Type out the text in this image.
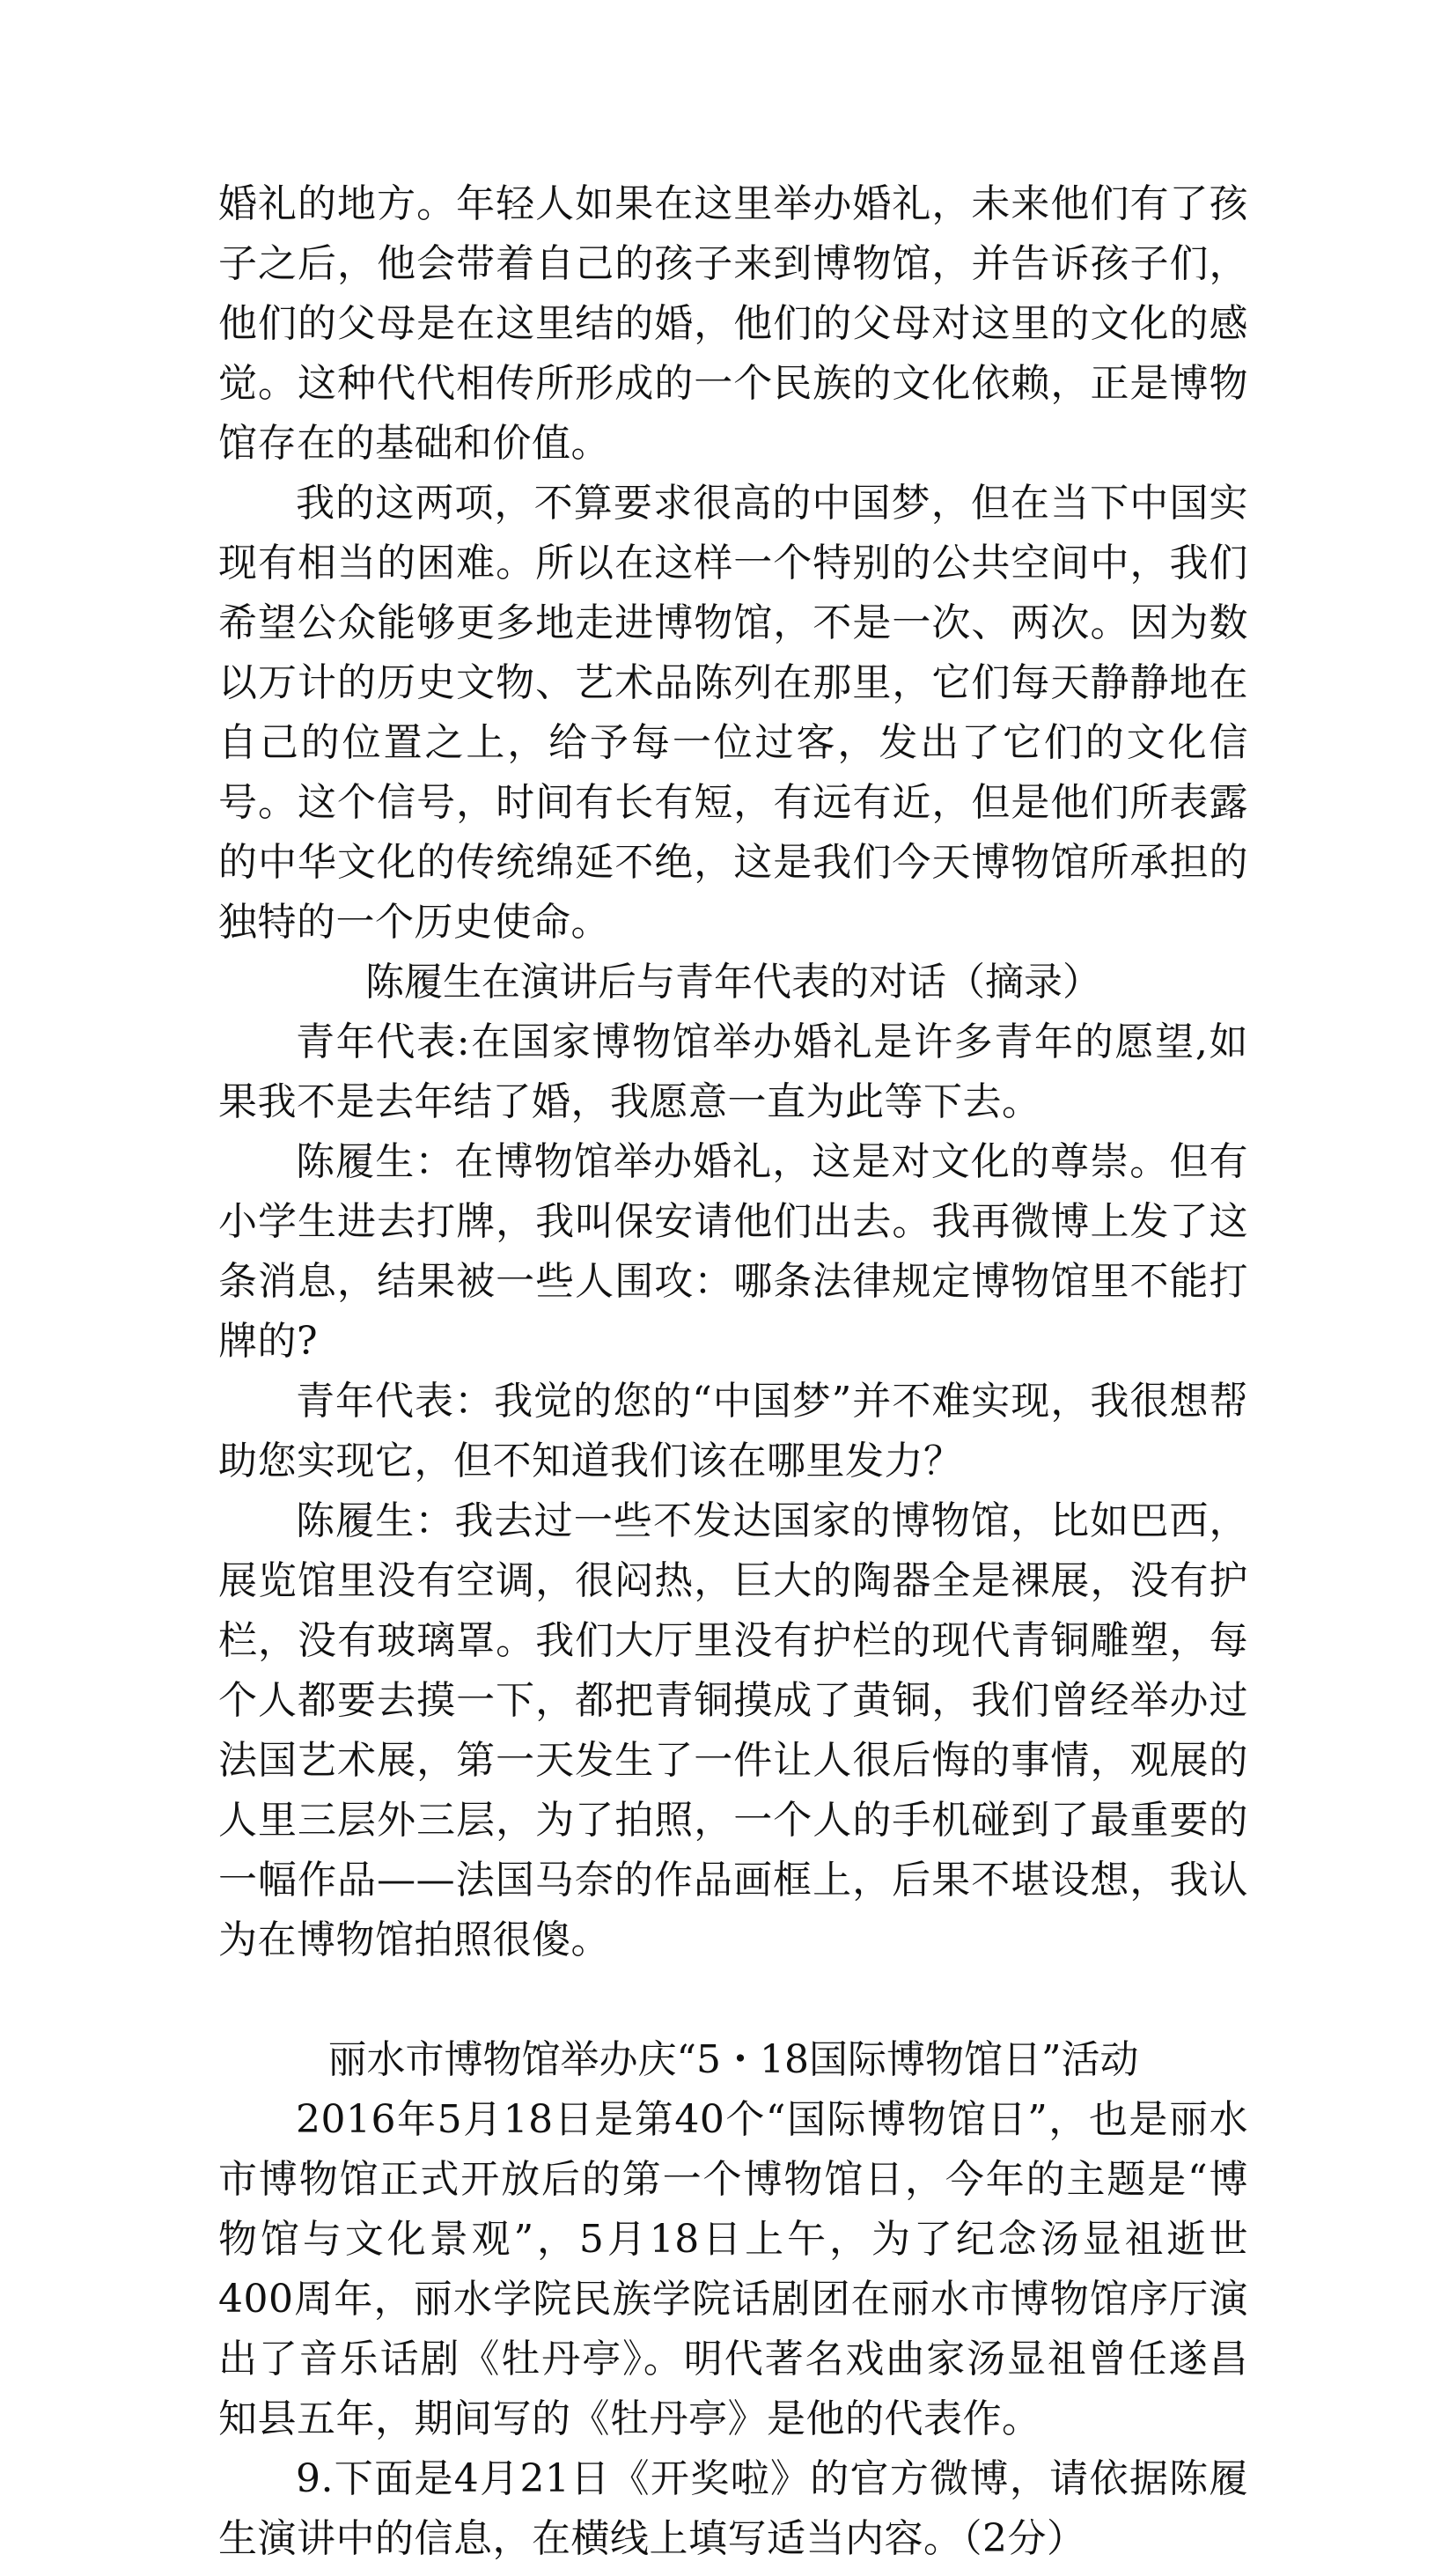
婚礼的地方。年轻人如果在这里举办婚礼，未来他们有了孩子之后，他会带着自己的孩子来到博物馆，并告诉孩子们，他们的父母是在这里结的婚，他们的父母对这里的文化的感觉。这种代代相传所形成的一个民族的文化依赖，正是博物馆存在的基础和价值。

我的这两项，不算要求很高的中国梦，但在当下中国实现有相当的困难。所以在这样一个特别的公共空间中，我们希望公众能够更多地走进博物馆，不是一次、两次。因为数以万计的历史文物、艺术品陈列在那里，它们每天静静地在自己的位置之上，给予每一位过客，发出了它们的文化信号。这个信号，时间有长有短，有远有近，但是他们所表露的中华文化的传统绵延不绝，这是我们今天博物馆所承担的独特的一个历史使命。

陈履生在演讲后与青年代表的对话（摘录）

青年代表:在国家博物馆举办婚礼是许多青年的愿望,如果我不是去年结了婚，我愿意一直为此等下去。

陈履生：在博物馆举办婚礼，这是对文化的尊崇。但有小学生进去打牌，我叫保安请他们出去。我再微博上发了这条消息，结果被一些人围攻：哪条法律规定博物馆里不能打牌的?

青年代表：我觉的您的“中国梦”并不难实现，我很想帮助您实现它，但不知道我们该在哪里发力？

陈履生：我去过一些不发达国家的博物馆，比如巴西，展览馆里没有空调，很闷热，巨大的陶器全是裸展，没有护栏，没有玻璃罩。我们大厅里没有护栏的现代青铜雕塑，每个人都要去摸一下，都把青铜摸成了黄铜，我们曾经举办过法国艺术展，第一天发生了一件让人很后悔的事情，观展的人里三层外三层，为了拍照，一个人的手机碰到了最重要的一幅作品——法国马奈的作品画框上，后果不堪设想，我认为在博物馆拍照很傻。

丽水市博物馆举办庆“5・18国际博物馆日”活动

2016年5月18日是第40个“国际博物馆日”，也是丽水市博物馆正式开放后的第一个博物馆日，今年的主题是“博物馆与文化景观”，5月18日上午，为了纪念汤显祖逝世400周年，丽水学院民族学院话剧团在丽水市博物馆序厅演出了音乐话剧《牡丹亭》。明代著名戏曲家汤显祖曾任遂昌知县五年，期间写的《牡丹亭》是他的代表作。

9.下面是4月21日《开奖啦》的官方微博，请依据陈履生演讲中的信息，在横线上填写适当内容。（2分）
